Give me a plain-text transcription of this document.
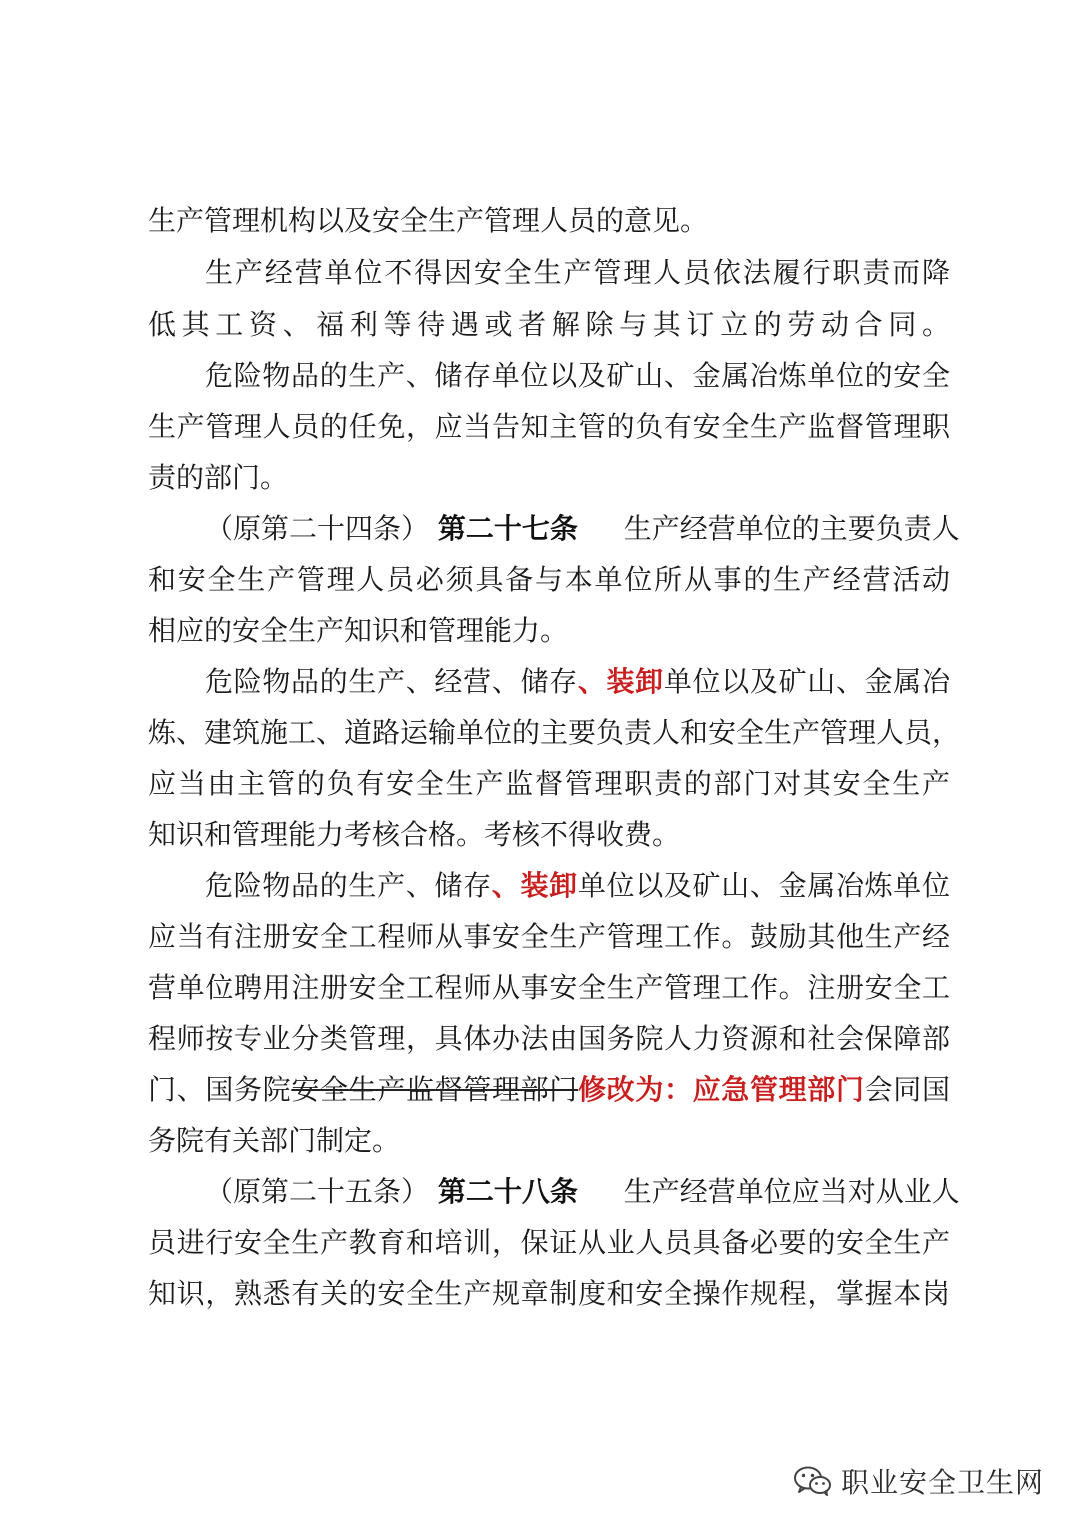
生产管理机构以及安全生产管理人员的意见。
生产经营单位不得因安全生产管理人员依法履行职责而降
低其工资、福利等待遇或者解除与其订立的劳动合同。
危险物品的生产、储存单位以及矿山、金属冶炼单位的安全
生产管理人员的任免，应当告知主管的负有安全生产监督管理职
责的部门。
（原第二十四条） 第二十七条 生产经营单位的主要负责人
和安全生产管理人员必须具备与本单位所从事的生产经营活动
相应的安全生产知识和管理能力。
危险物品的生产、经营、储存、装卸单位以及矿山、金属冶
炼、建筑施工、道路运输单位的主要负责人和安全生产管理人员，
应当由主管的负有安全生产监督管理职责的部门对其安全生产
知识和管理能力考核合格。考核不得收费。
危险物品的生产、储存、装卸单位以及矿山、金属冶炼单位
应当有注册安全工程师从事安全生产管理工作。鼓励其他生产经
营单位聘用注册安全工程师从事安全生产管理工作。注册安全工
程师按专业分类管理，具体办法由国务院人力资源和社会保障部
门、国务院安全生产监督管理部门修改为：应急管理部门会同国
务院有关部门制定。
（原第二十五条） 第二十八条 生产经营单位应当对从业人
员进行安全生产教育和培训，保证从业人员具备必要的安全生产
知识，熟悉有关的安全生产规章制度和安全操作规程，掌握本岗
职业安全卫生网
